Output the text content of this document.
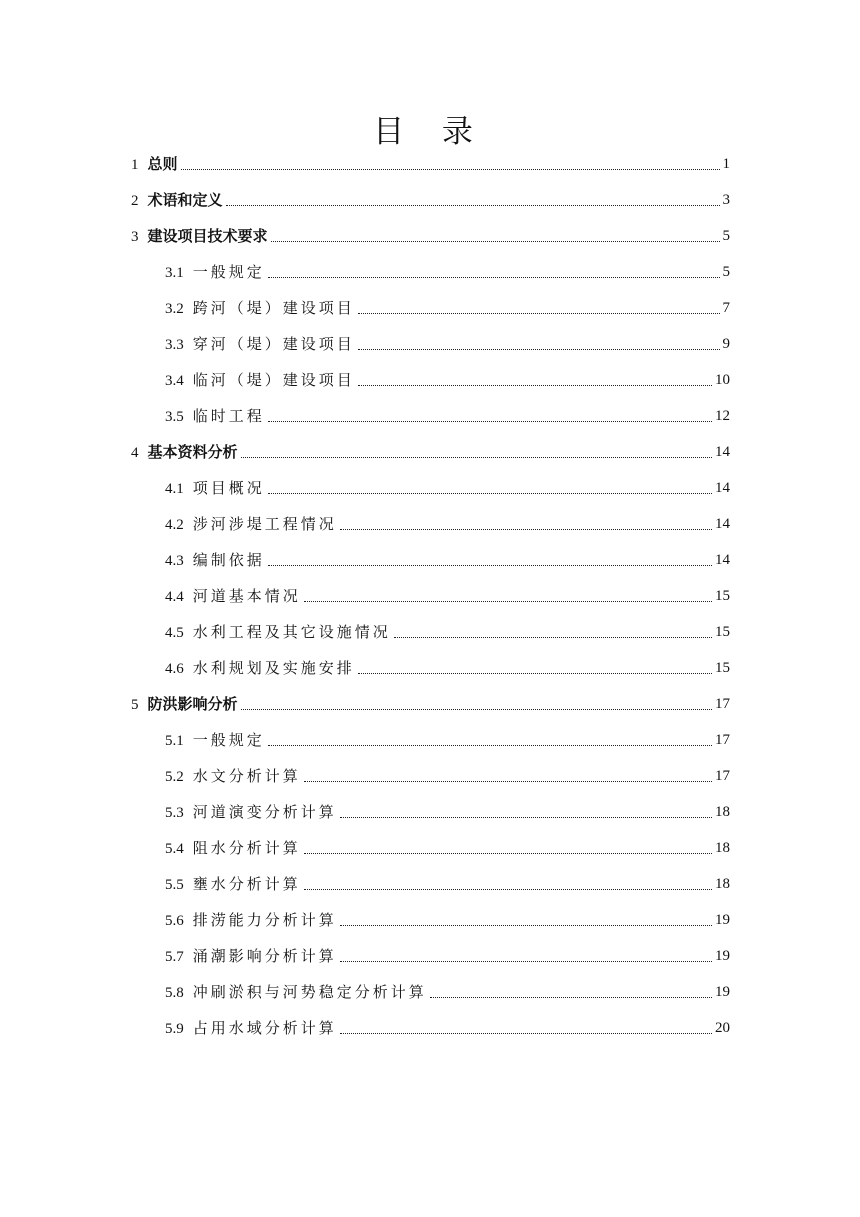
目 录
1 总则	1
2 术语和定义	3
3 建设项目技术要求	5
3.1 一般规定	5
3.2 跨河（堤）建设项目	7
3.3 穿河（堤）建设项目	9
3.4 临河（堤）建设项目	10
3.5 临时工程	12
4 基本资料分析	14
4.1 项目概况	14
4.2 涉河涉堤工程情况	14
4.3 编制依据	14
4.4 河道基本情况	15
4.5 水利工程及其它设施情况	15
4.6 水利规划及实施安排	15
5 防洪影响分析	17
5.1 一般规定	17
5.2 水文分析计算	17
5.3 河道演变分析计算	18
5.4 阻水分析计算	18
5.5 壅水分析计算	18
5.6 排涝能力分析计算	19
5.7 涌潮影响分析计算	19
5.8 冲刷淤积与河势稳定分析计算	19
5.9 占用水域分析计算	20
